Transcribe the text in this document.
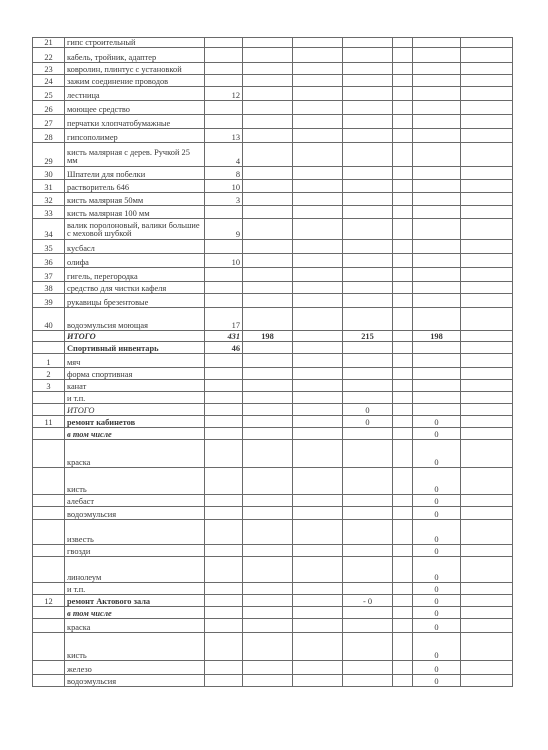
21	гипс строительный							
22	кабель, тройник, адаптер							
23	ковролин, плинтус с установкой							
24	зажим соединение проводов							
25	лестница	12						
26	моющее средство							
27	перчатки хлопчатобумажные							
28	гипсополимер	13						
29	кисть малярная с дерев. Ручкой 25 мм	4						
30	Шпатели для побелки	8						
31	растворитель 646	10						
32	кисть малярная 50мм	3						
33	кисть малярная 100 мм							
34	валик поролоновый, валики большие с меховой шубкой	9						
35	кусбасл							
36	олифа	10						
37	гигель, перегородка							
38	средство для чистки кафеля							
39	рукавицы брезентовые							
40	водоэмульсия моющая	17						
	ИТОГО	431	198		215		198	
	Спортивный инвентарь	46						
1	мяч							
2	форма спортивная							
3	канат							
	и т.п.							
	ИТОГО				0			
11	ремонт кабинетов				0		0	
	в том числе						0	
	краска						0	
	кисть						0	
	алебаст						0	
	водоэмульсия						0	
	известь						0	
	гвозди						0	
	линолеум						0	
	и т.п.						0	
12	ремонт Актового зала				- 0		0	
	в том числе						0	
	краска						0	
	кисть						0	
	железо						0	
	водоэмульсия						0	
